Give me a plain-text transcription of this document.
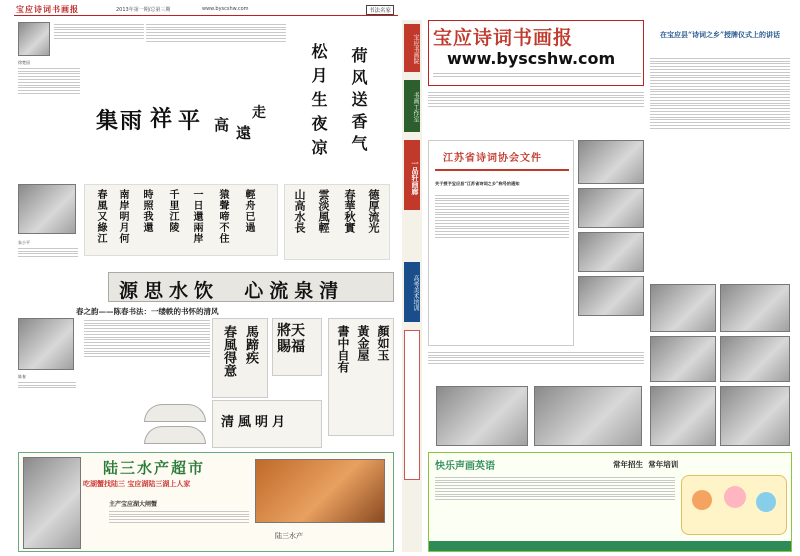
宝应诗词书画报	2013年第一期/总第三期	www.byscshw.com	书法名家
徐楚国
集雨 祥 平 高 遠
走	松月生夜凉	荷风送香气
朱小平	春風又綠江 南岸明月何 時照我還 千里江陵 一日還兩岸 猿聲啼不住 輕舟已過	山高水長 雲淡風輕 春華秋實 德厚流光
源思水饮  心流泉清
春之韵——陈春书法：一缕帙的书怀的清风
陈春	春風得意 馬蹄疾 將天
賜福	書中自有 黃金屋 顏如玉
清風明月
陆三水产超市
吃湖蟹找陆三 宝应湖陆三湖上人家
主产宝应湖大闸蟹
陆三水产
宝应书画院
书画工作室
一品轩画廊
高考美术培训
宝应诗词书画报
www.byscshw.com
江苏省诗词协会文件
关于授予宝应县“江苏省诗词之乡”称号的通知
在宝应县“诗词之乡”授牌仪式上的讲话
快乐声画英语	常年招生  常年培训
